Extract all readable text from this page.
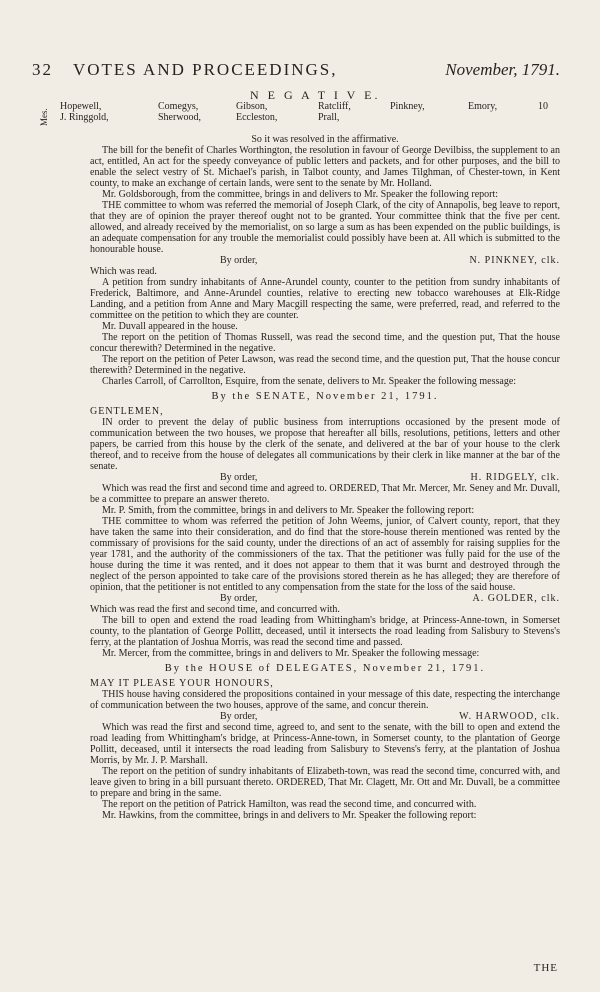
32 VOTES AND PROCEEDINGS,	November, 1791.
N E G A T I V E.
Mes.
Hopewell,	Comegys,	Gibson,	Ratcliff,	Pinkney,	Emory,	10
J. Ringgold,	Sherwood,	Eccleston,	Prall,

So it was resolved in the affirmative.

The bill for the benefit of Charles Worthington, the resolution in favour of George Devilbiss, the supplement to an act, entitled, An act for the speedy conveyance of public letters and packets, and for other purposes, and the bill to enable the select vestry of St. Michael's parish, in Talbot county, and James Tilghman, of Chester-town, in Kent county, to make an exchange of certain lands, were sent to the senate by Mr. Holland.

Mr. Goldsborough, from the committee, brings in and delivers to Mr. Speaker the following report:

THE committee to whom was referred the memorial of Joseph Clark, of the city of Annapolis, beg leave to report, that they are of opinion the prayer thereof ought not to be granted. Your committee think that the five per cent. allowed, and already received by the memorialist, on so large a sum as has been expended on the public buildings, is an adequate compensation for any trouble the memorialist could possibly have been at. All which is submitted to the honourable house.

By order,	N. PINKNEY, clk.

Which was read.

A petition from sundry inhabitants of Anne-Arundel county, counter to the petition from sundry inhabitants of Frederick, Baltimore, and Anne-Arundel counties, relative to erecting new tobacco warehouses at Elk-Ridge Landing, and a petition from Anne and Mary Macgill respecting the same, were preferred, read, and referred to the committee on the petition to which they are counter.

Mr. Duvall appeared in the house.

The report on the petition of Thomas Russell, was read the second time, and the question put, That the house concur therewith? Determined in the negative.

The report on the petition of Peter Lawson, was read the second time, and the question put, That the house concur therewith? Determined in the negative.

Charles Carroll, of Carrollton, Esquire, from the senate, delivers to Mr. Speaker the following message:

By the SENATE, November 21, 1791.

GENTLEMEN,

IN order to prevent the delay of public business from interruptions occasioned by the present mode of communication between the two houses, we propose that hereafter all bills, resolutions, petitions, letters and other papers, be carried from this house by the clerk of the senate, and delivered at the bar of your house to the clerk thereof, and to receive from the house of delegates all communications by their clerk in like manner at the bar of the senate.

By order,	H. RIDGELY, clk.

Which was read the first and second time and agreed to. ORDERED, That Mr. Mercer, Mr. Seney and Mr. Duvall, be a committee to prepare an answer thereto.

Mr. P. Smith, from the committee, brings in and delivers to Mr. Speaker the following report:

THE committee to whom was referred the petition of John Weems, junior, of Calvert county, report, that they have taken the same into their consideration, and do find that the store-house therein mentioned was rented by the commissary of provisions for the said county, under the directions of an act of assembly for raising supplies for the year 1781, and the authority of the commissioners of the tax. That the petitioner was fully paid for the use of the house during the time it was rented, and it does not appear to them that it was burnt and destroyed through the neglect of the person appointed to take care of the provisions stored therein as he has alleged; they are therefore of opinion, that the petitioner is not entitled to any compensation from the state for the loss of the said house.

By order,	A. GOLDER, clk.

Which was read the first and second time, and concurred with.

The bill to open and extend the road leading from Whittingham's bridge, at Princess-Anne-town, in Somerset county, to the plantation of George Pollitt, deceased, until it intersects the road leading from Salisbury to Stevens's ferry, at the plantation of Joshua Morris, was read the second time and passed.

Mr. Mercer, from the committee, brings in and delivers to Mr. Speaker the following message:

By the HOUSE of DELEGATES, November 21, 1791.

MAY IT PLEASE YOUR HONOURS,

THIS house having considered the propositions contained in your message of this date, respecting the interchange of communication between the two houses, approve of the same, and concur therein.

By order,	W. HARWOOD, clk.

Which was read the first and second time, agreed to, and sent to the senate, with the bill to open and extend the road leading from Whittingham's bridge, at Princess-Anne-town, in Somerset county, to the plantation of George Pollitt, deceased, until it intersects the road leading from Salisbury to Stevens's ferry, at the plantation of Joshua Morris, by Mr. J. P. Marshall.

The report on the petition of sundry inhabitants of Elizabeth-town, was read the second time, concurred with, and leave given to bring in a bill pursuant thereto. ORDERED, That Mr. Clagett, Mr. Ott and Mr. Duvall, be a committee to prepare and bring in the same.

The report on the petition of Patrick Hamilton, was read the second time, and concurred with.

Mr. Hawkins, from the committee, brings in and delivers to Mr. Speaker the following report:

THE
